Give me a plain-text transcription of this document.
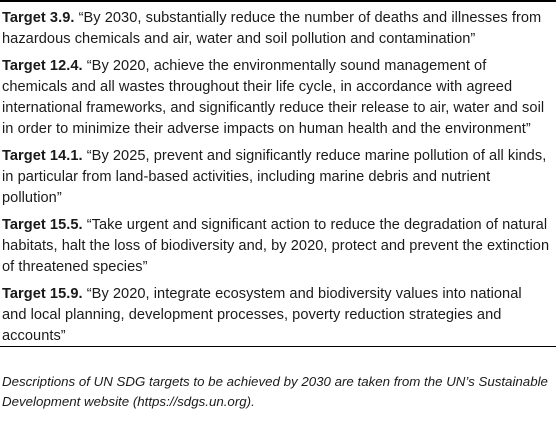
Target 3.9. “By 2030, substantially reduce the number of deaths and illnesses from hazardous chemicals and air, water and soil pollution and contamination”

Target 12.4. “By 2020, achieve the environmentally sound management of chemicals and all wastes throughout their life cycle, in accordance with agreed international frameworks, and significantly reduce their release to air, water and soil in order to minimize their adverse impacts on human health and the environment”

Target 14.1. “By 2025, prevent and significantly reduce marine pollution of all kinds, in particular from land-based activities, including marine debris and nutrient pollution”

Target 15.5. “Take urgent and significant action to reduce the degradation of natural habitats, halt the loss of biodiversity and, by 2020, protect and prevent the extinction of threatened species”

Target 15.9. “By 2020, integrate ecosystem and biodiversity values into national and local planning, development processes, poverty reduction strategies and accounts”

Descriptions of UN SDG targets to be achieved by 2030 are taken from the UN’s Sustainable Development website (https://sdgs.un.org).
